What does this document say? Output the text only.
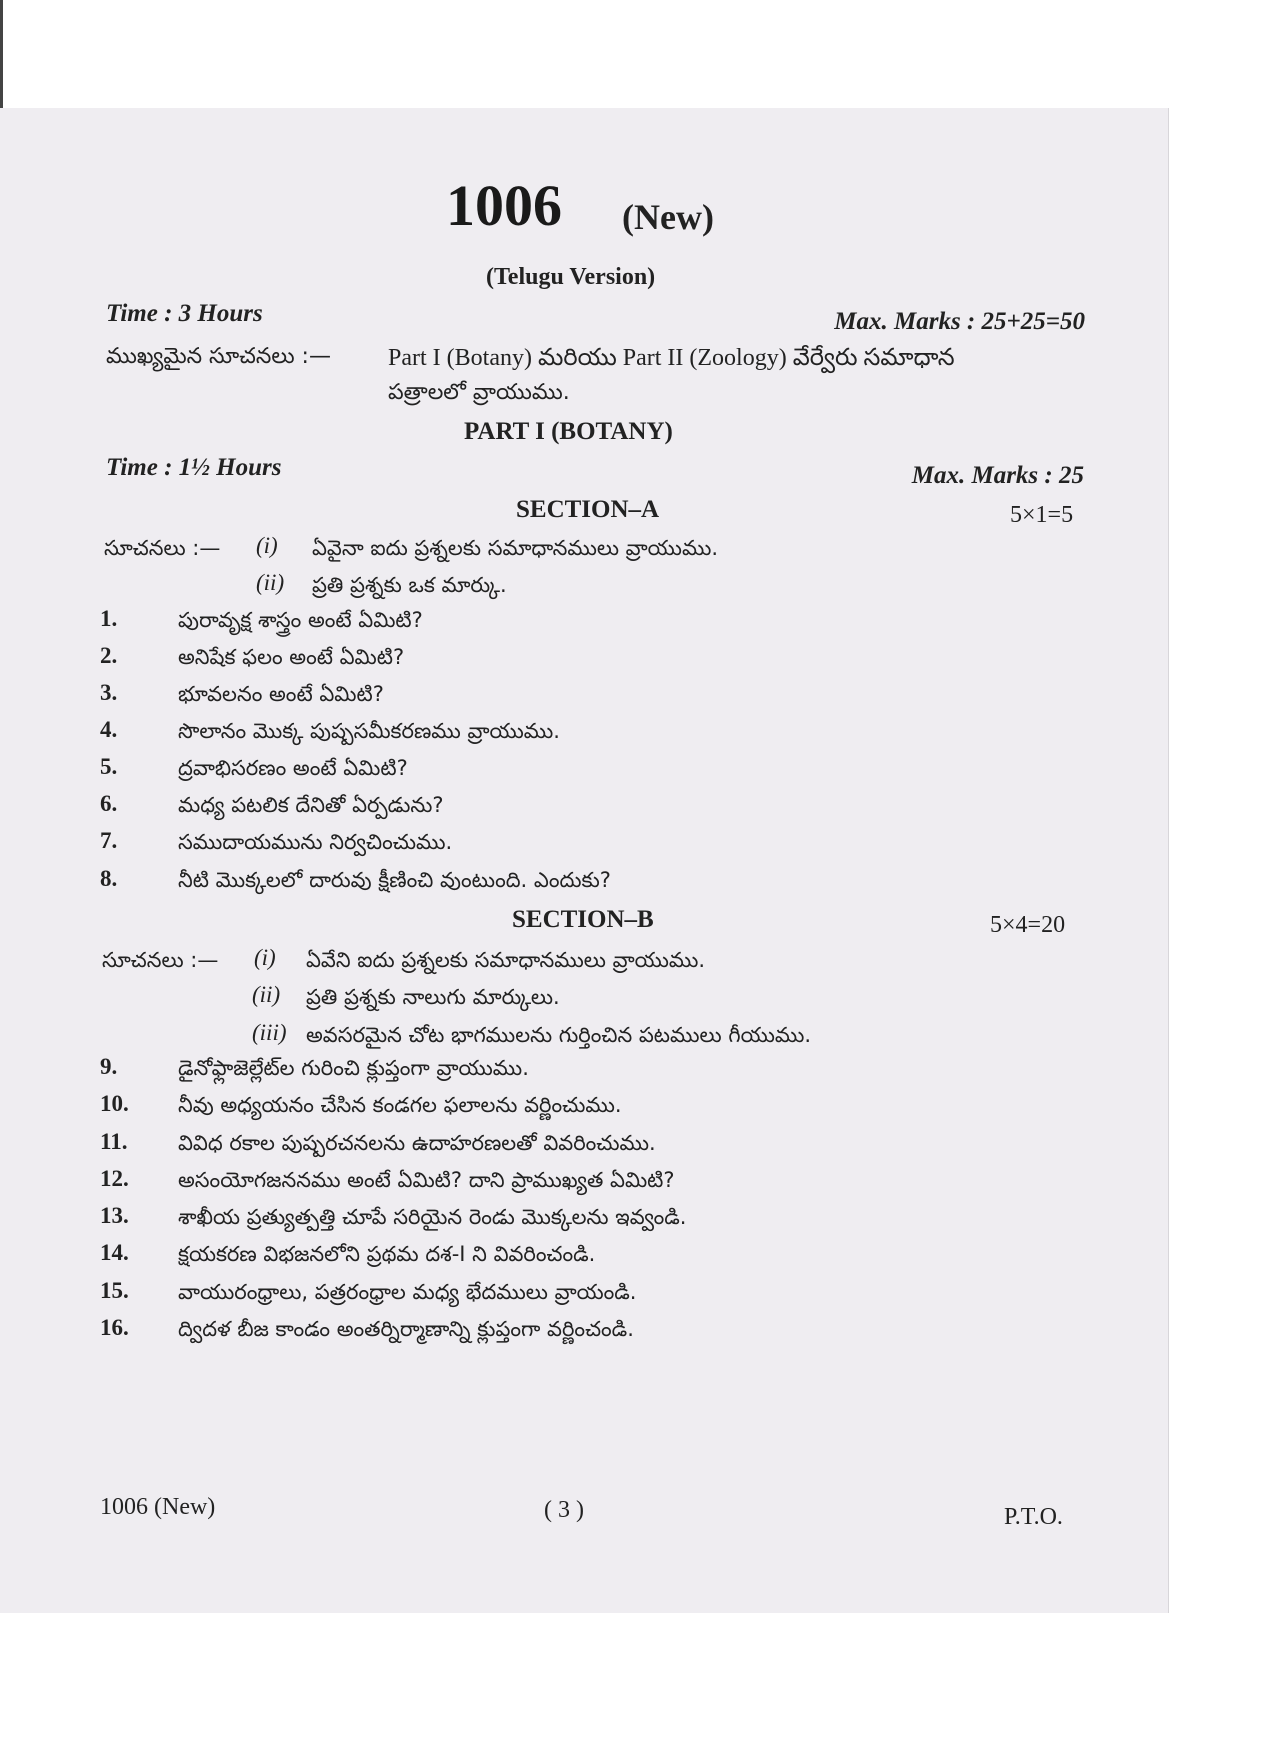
1006 (New)
(Telugu Version)
Time : 3 Hours	Max. Marks : 25+25=50
ముఖ్యమైన సూచనలు :— Part I (Botany) మరియు Part II (Zoology) వేర్వేరు సమాధాన
పత్రాలలో వ్రాయుము.
PART I (BOTANY)
Time : 1½ Hours	Max. Marks : 25
SECTION–A	5×1=5
సూచనలు :— (i) ఏవైనా ఐదు ప్రశ్నలకు సమాధానములు వ్రాయుము.
(ii) ప్రతి ప్రశ్నకు ఒక మార్కు.
1.	పురావృక్ష శాస్త్రం అంటే ఏమిటి?
2.	అనిషేక ఫలం అంటే ఏమిటి?
3.	భూవలనం అంటే ఏమిటి?
4.	సొలానం మొక్క పుష్పసమీకరణము వ్రాయుము.
5.	ద్రవాభిసరణం అంటే ఏమిటి?
6.	మధ్య పటలిక దేనితో ఏర్పడును?
7.	సముదాయమును నిర్వచించుము.
8.	నీటి మొక్కలలో దారువు క్షీణించి వుంటుంది. ఎందుకు?
SECTION–B	5×4=20
సూచనలు :— (i) ఏవేని ఐదు ప్రశ్నలకు సమాధానములు వ్రాయుము.
(ii) ప్రతి ప్రశ్నకు నాలుగు మార్కులు.
(iii) అవసరమైన చోట భాగములను గుర్తించిన పటములు గీయుము.
9.	డైనోఫ్లాజెల్లేట్‌ల గురించి క్లుప్తంగా వ్రాయుము.
10. నీవు అధ్యయనం చేసిన కండగల ఫలాలను వర్ణించుము.
11. వివిధ రకాల పుష్పరచనలను ఉదాహరణలతో వివరించుము.
12. అసంయోగజననము అంటే ఏమిటి? దాని ప్రాముఖ్యత ఏమిటి?
13. శాఖీయ ప్రత్యుత్పత్తి చూపే సరియైన రెండు మొక్కలను ఇవ్వండి.
14. క్షయకరణ విభజనలోని ప్రథమ దశ-I ని వివరించండి.
15. వాయురంధ్రాలు, పత్రరంధ్రాల మధ్య భేదములు వ్రాయండి.
16. ద్విదళ బీజ కాండం అంతర్నిర్మాణాన్ని క్లుప్తంగా వర్ణించండి.
1006 (New)	( 3 )	P.T.O.
